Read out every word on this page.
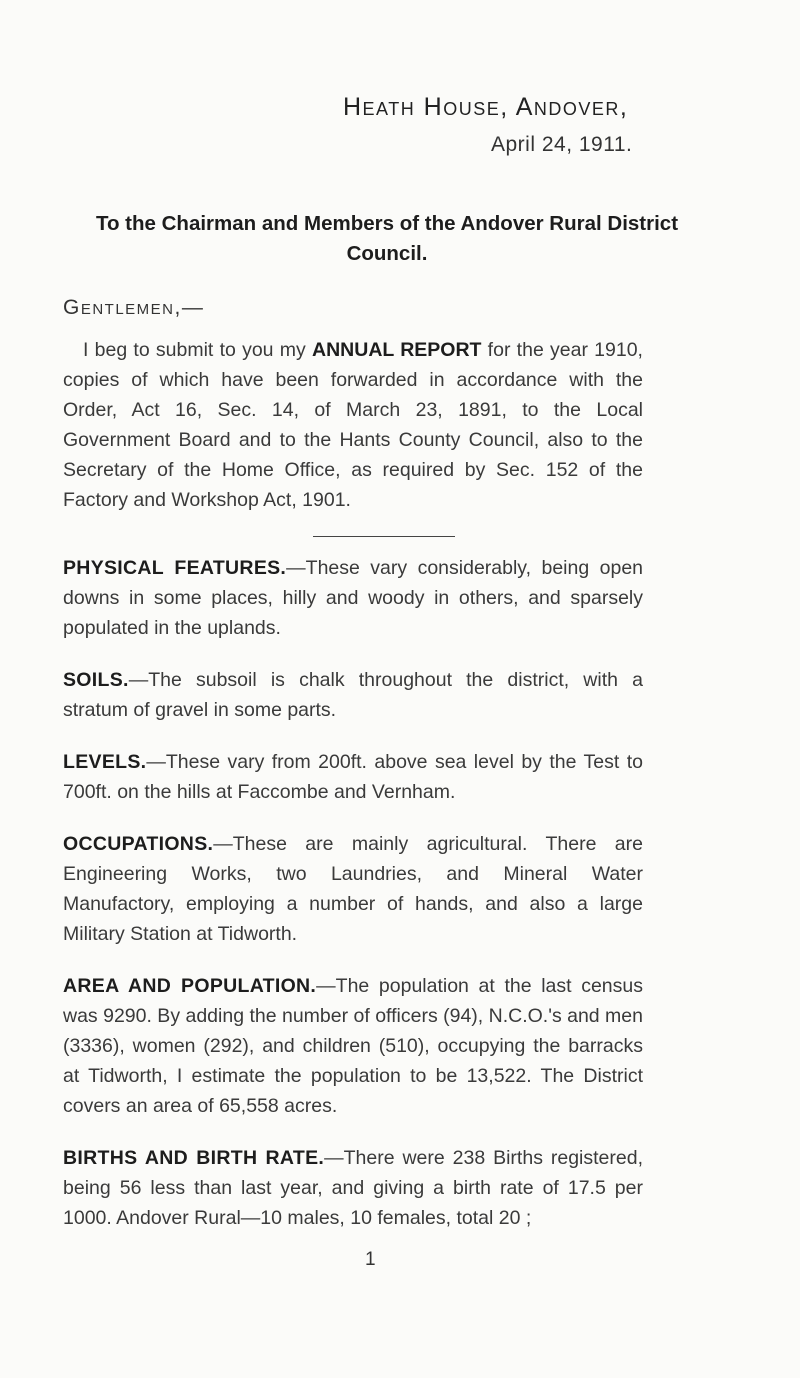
Heath House, Andover,
April 24, 1911.
To the Chairman and Members of the Andover Rural District Council.
Gentlemen,—

I beg to submit to you my ANNUAL REPORT for the year 1910, copies of which have been forwarded in accordance with the Order, Act 16, Sec. 14, of March 23, 1891, to the Local Government Board and to the Hants County Council, also to the Secretary of the Home Office, as required by Sec. 152 of the Factory and Workshop Act, 1901.

PHYSICAL FEATURES.—These vary considerably, being open downs in some places, hilly and woody in others, and sparsely populated in the uplands.

SOILS.—The subsoil is chalk throughout the district, with a stratum of gravel in some parts.

LEVELS.—These vary from 200ft. above sea level by the Test to 700ft. on the hills at Faccombe and Vernham.

OCCUPATIONS.—These are mainly agricultural. There are Engineering Works, two Laundries, and Mineral Water Manufactory, employing a number of hands, and also a large Military Station at Tidworth.

AREA AND POPULATION.—The population at the last census was 9290. By adding the number of officers (94), N.C.O.'s and men (3336), women (292), and children (510), occupying the barracks at Tidworth, I estimate the population to be 13,522. The District covers an area of 65,558 acres.

BIRTHS AND BIRTH RATE.—There were 238 Births registered, being 56 less than last year, and giving a birth rate of 17.5 per 1000. Andover Rural—10 males, 10 females, total 20 ;

1
